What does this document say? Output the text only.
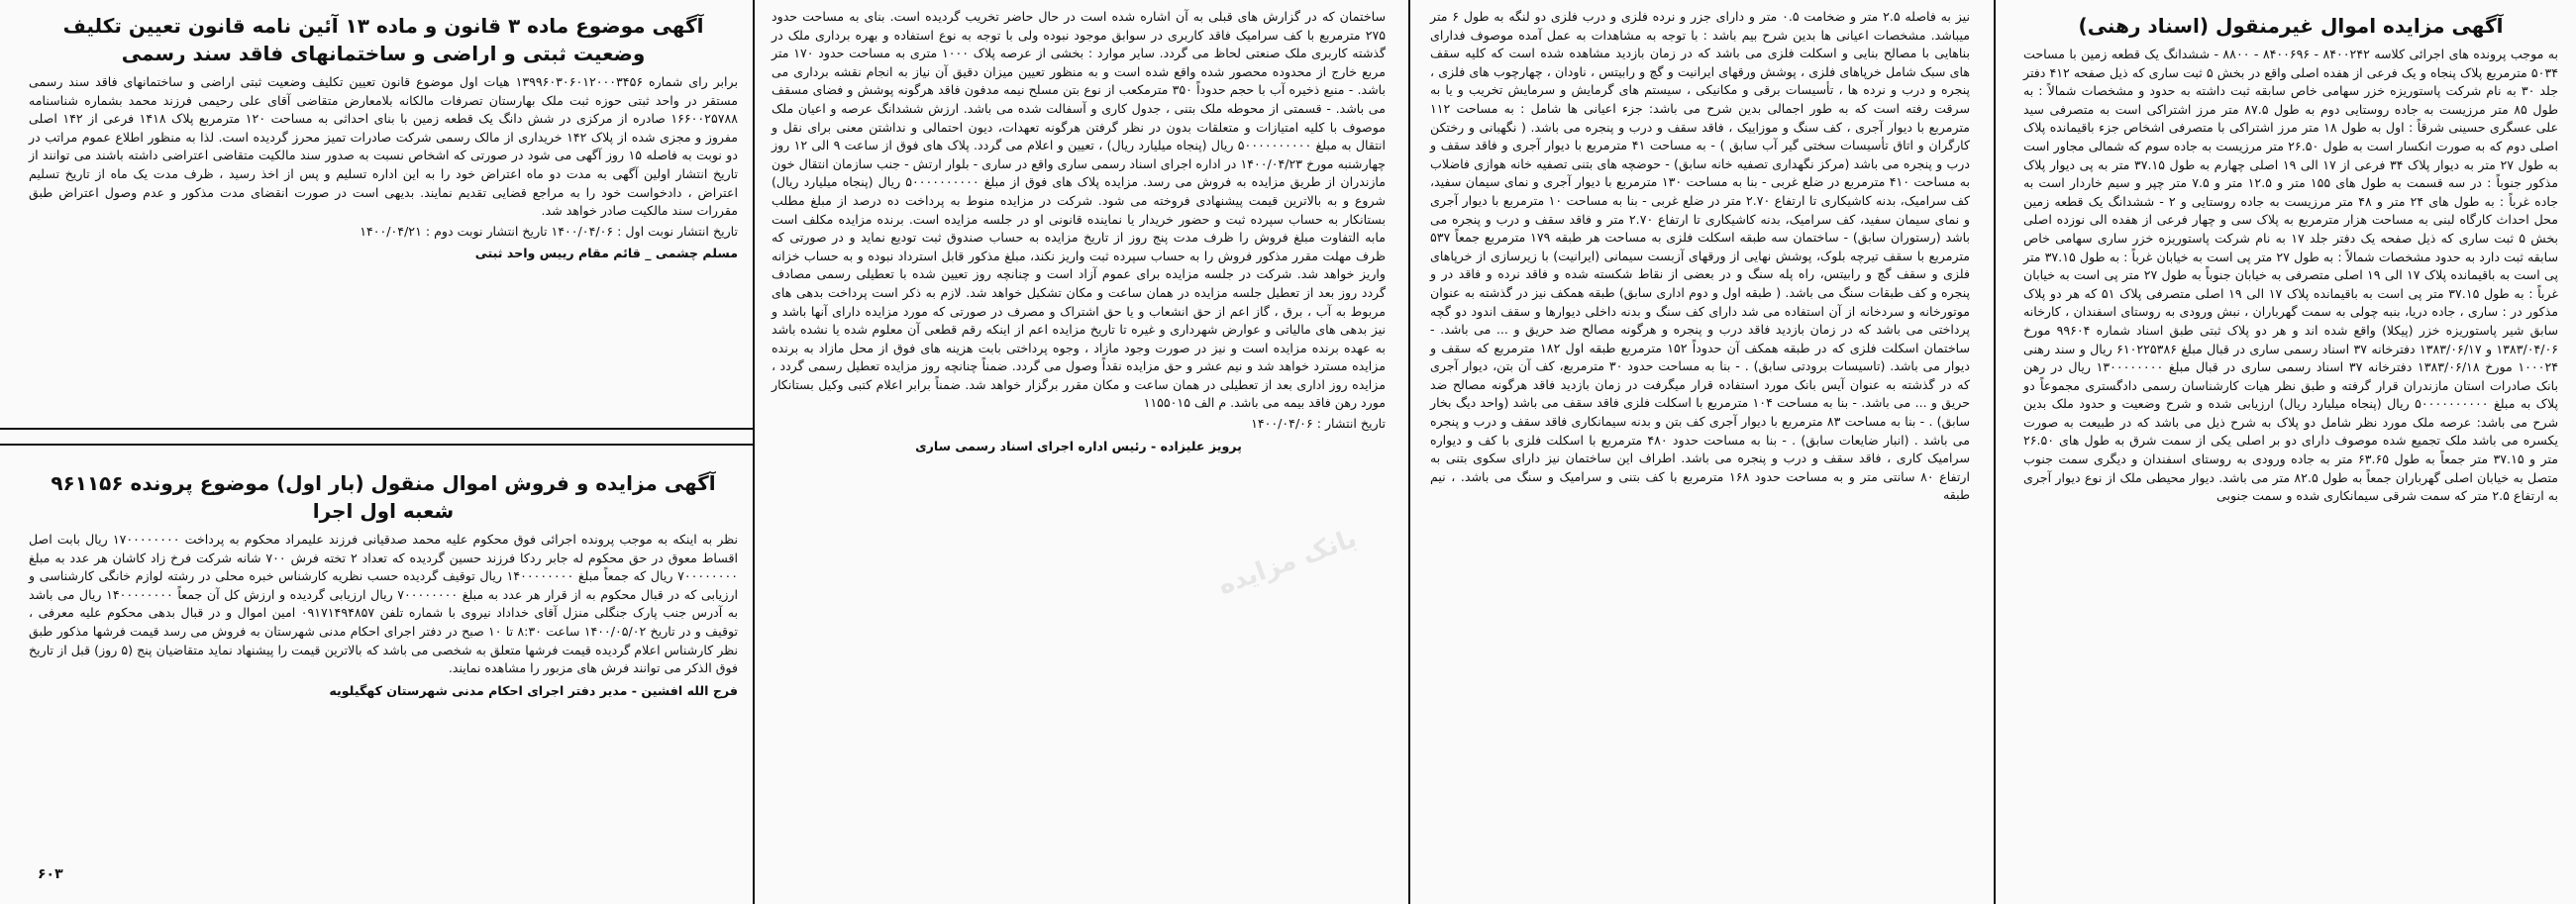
آگهی مزایده اموال غیرمنقول (اسناد رهنی)

به موجب پرونده های اجرائی کلاسه ۸۴۰۰۲۴۲ - ۸۴۰۰۶۹۶ - ۸۸۰۰ - ششدانگ یک قطعه زمین با مساحت ۵۰۳۴ مترمربع پلاک پنجاه و یک فرعی از هفده اصلی واقع در بخش ۵ ثبت ساری که ذیل صفحه ۴۱۲ دفتر جلد ۳۰ به نام شرکت پاستوریزه خزر سهامی خاص سابقه ثبت داشته به حدود و مشخصات شمالاً : به طول ۸۵ متر مرزیست به جاده روستایی دوم به طول ۸۷.۵ متر مرز اشتراکی است به متصرفی سید علی عسگری حسینی شرقاً : اول به طول ۱۸ متر مرز اشتراکی با متصرفی اشخاص جزء باقیمانده پلاک اصلی دوم که به صورت انکسار است به طول ۲۶.۵۰ متر مرزیست به جاده سوم که شمالی مجاور است به طول ۲۷ متر به دیوار پلاک ۳۴ فرعی از ۱۷ الی ۱۹ اصلی چهارم به طول ۳۷.۱۵ متر به پی دیوار پلاک مذکور جنوباً : در سه قسمت به طول های ۱۵۵ متر و ۱۲.۵ متر و ۷.۵ متر چپر و سیم خاردار است به جاده غرباً : به طول های ۲۴ متر و ۴۸ متر مرزیست به جاده روستایی و ۲ - ششدانگ یک قطعه زمین محل احداث کارگاه لبنی به مساحت هزار مترمربع به پلاک سی و چهار فرعی از هفده الی نوزده اصلی بخش ۵ ثبت ساری که ذیل صفحه یک دفتر جلد ۱۷ به نام شرکت پاستوریزه خزر ساری سهامی خاص سابقه ثبت دارد به حدود مشخصات شمالاً : به طول ۲۷ متر پی است به خیابان غرباً : به طول ۳۷.۱۵ متر پی است به باقیمانده پلاک ۱۷ الی ۱۹ اصلی متصرفی به خیابان جنوباً به طول ۲۷ متر پی است به خیابان غرباً : به طول ۳۷.۱۵ متر پی است به باقیمانده پلاک ۱۷ الی ۱۹ اصلی متصرفی پلاک ۵۱ که هر دو پلاک مذکور در : ساری ، جاده دریا، بنبه چولی به سمت گهرباران ، نبش ورودی به روستای اسفندان ، کارخانه سابق شیر پاستوریزه خزر (پیکلا) واقع شده اند و هر دو پلاک ثبتی طبق اسناد شماره ۹۹۶۰۴ مورخ ۱۳۸۳/۰۴/۰۶ و ۱۳۸۳/۰۶/۱۷ دفترخانه ۳۷ اسناد رسمی ساری در قبال مبلغ ۶۱۰۲۲۵۳۸۶ ریال و سند رهنی ۱۰۰۰۲۴ مورخ ۱۳۸۳/۰۶/۱۸ دفترخانه ۳۷ اسناد رسمی ساری در قبال مبلغ ۱۳۰۰۰۰۰۰۰۰ ریال در رهن بانک صادرات استان مازندران قرار گرفته و طبق نظر هیات کارشناسان رسمی دادگستری مجموعاً دو پلاک به مبلغ ۵۰۰۰۰۰۰۰۰۰۰ ریال (پنجاه میلیارد ریال) ارزیابی شده و شرح وضعیت و حدود ملک بدین شرح می باشد: عرصه ملک مورد نظر شامل دو پلاک به شرح ذیل می باشد که در طبیعت به صورت یکسره می باشد ملک تجمیع شده موصوف دارای دو بر اصلی یکی از سمت شرق به طول های ۲۶.۵۰ متر و ۳۷.۱۵ متر جمعاً به طول ۶۳.۶۵ متر به جاده ورودی به روستای اسفندان و دیگری سمت جنوب متصل به خیابان اصلی گهرباران جمعاً به طول ۸۲.۵ متر می باشد. دیوار محیطی ملک از نوع دیوار آجری به ارتفاع ۲.۵ متر که سمت شرقی سیمانکاری شده و سمت جنوبی

نیز به فاصله ۲.۵ متر و ضخامت ۰.۵ متر و دارای جزر و نرده فلزی و درب فلزی دو لنگه به طول ۶ متر میباشد. مشخصات اعیانی ها بدین شرح بیم باشد : با توجه به مشاهدات به عمل آمده موصوف فدارای بناهایی با مصالح بنایی و اسکلت فلزی می باشد که در زمان بازدید مشاهده شده است که کلیه سقف های سبک شامل خرپاهای فلزی ، پوشش ورقهای ایرانیت و گچ و رابیتس ، ناودان ، چهارچوب های فلزی ، پنجره و درب و نرده ها ، تأسیسات برقی و مکانیکی ، سیستم های گرمایش و سرمایش تخریب و یا به سرقت رفته است که به طور اجمالی بدین شرح می باشد: جزء اعیانی ها شامل : به مساحت ۱۱۲ مترمربع با دیوار آجری ، کف سنگ و موزاییک ، فاقد سقف و درب و پنجره می باشد. ( نگهبانی و رختکن کارگران و اتاق تأسیسات سختی گیر آب سابق ) - به مساحت ۴۱ مترمربع با دیوار آجری و فاقد سقف و درب و پنجره می باشد (مرکز نگهداری تصفیه خانه سابق) - حوضچه های بتنی تصفیه خانه هوازی فاضلاب به مساحت ۴۱۰ مترمربع در ضلع غربی - بنا به مساحت ۱۳۰ مترمربع با دیوار آجری و نمای سیمان سفید، کف سرامیک، بدنه کاشیکاری تا ارتفاع ۲.۷۰ متر در ضلع غربی - بنا به مساحت ۱۰ مترمربع با دیوار آجری و نمای سیمان سفید، کف سرامیک، بدنه کاشیکاری تا ارتفاع ۲.۷۰ متر و فاقد سقف و درب و پنجره می باشد (رستوران سابق) - ساختمان سه طبقه اسکلت فلزی به مساحت هر طبقه ۱۷۹ مترمربع جمعاً ۵۳۷ مترمربع با سقف تیرچه بلوک، پوشش نهایی از ورقهای آزبست سیمانی (ایرانیت) با زیرسازی از خرپاهای فلزی و سقف گچ و رابیتس، راه پله سنگ و در بعضی از نقاط شکسته شده و فاقد نرده و فاقد در و پنجره و کف طبقات سنگ می باشد. ( طبقه اول و دوم اداری سابق) طبقه همکف نیز در گذشته به عنوان موتورخانه و سردخانه از آن استفاده می شد دارای کف سنگ و بدنه داخلی دیوارها و سقف اندود دو گچه پرداختی می باشد که در زمان بازدید فاقد درب و پنجره و هرگونه مصالح ضد حریق و ... می باشد. - ساختمان اسکلت فلزی که در طبقه همکف آن حدوداً ۱۵۲ مترمربع طبقه اول ۱۸۲ مترمربع که سقف و دیوار می باشد. (تاسیسات برودتی سابق) . - بنا به مساحت حدود ۳۰ مترمربع، کف آن بتن، دیوار آجری که در گذشته به عنوان آیس بانک مورد استفاده قرار میگرفت در زمان بازدید فاقد هرگونه مصالح ضد حریق و ... می باشد. - بنا به مساحت ۱۰۴ مترمربع با اسکلت فلزی فاقد سقف می باشد (واحد دیگ بخار سابق) . - بنا به مساحت ۸۳ مترمربع با دیوار آجری کف بتن و بدنه سیمانکاری فاقد سقف و درب و پنجره می باشد . (انبار ضایعات سابق) . - بنا به مساحت حدود ۴۸۰ مترمربع با اسکلت فلزی با کف و دیواره سرامیک کاری ، فاقد سقف و درب و پنجره می باشد. اطراف این ساختمان نیز دارای سکوی بتنی به ارتفاع ۸۰ سانتی متر و به مساحت حدود ۱۶۸ مترمربع با کف بتنی و سرامیک و سنگ می باشد. ، نیم طبقه

ساختمان که در گزارش های قبلی به آن اشاره شده است در حال حاضر تخریب گردیده است. بنای به مساحت حدود ۲۷۵ مترمربع با کف سرامیک فاقد کاربری در سوابق موجود نبوده ولی با توجه به نوع استفاده و بهره برداری ملک در گذشته کاربری ملک صنعتی لحاظ می گردد. سایر موارد : بخشی از عرصه پلاک ۱۰۰۰ متری به مساحت حدود ۱۷۰ متر مربع خارج از محدوده محصور شده واقع شده است و به منظور تعیین میزان دقیق آن نیاز به انجام نقشه برداری می باشد. - منبع ذخیره آب با حجم حدوداً ۳۵۰ مترمکعب از نوع بتن مسلح نیمه مدفون فاقد هرگونه پوشش و فضای مسقف می باشد. - قسمتی از محوطه ملک بتنی ، جدول کاری و آسفالت شده می باشد. ارزش ششدانگ عرصه و اعیان ملک موصوف با کلیه امتیازات و متعلقات بدون در نظر گرفتن هرگونه تعهدات، دیون احتمالی و نداشتن معنی برای نقل و انتقال به مبلغ ۵۰۰۰۰۰۰۰۰۰۰ ریال (پنجاه میلیارد ریال) ، تعیین و اعلام می گردد. پلاک های فوق از ساعت ۹ الی ۱۲ روز چهارشنبه مورخ ۱۴۰۰/۰۴/۲۳ در اداره اجرای اسناد رسمی ساری واقع در ساری - بلوار ارتش - جنب سازمان انتقال خون مازندران از طریق مزایده به فروش می رسد. مزایده پلاک های فوق از مبلغ ۵۰۰۰۰۰۰۰۰۰۰ ریال (پنجاه میلیارد ریال) شروع و به بالاترین قیمت پیشنهادی فروخته می شود. شرکت در مزایده منوط به پرداخت ده درصد از مبلغ مطلب بستانکار به حساب سپرده ثبت و حضور خریدار یا نماینده قانونی او در جلسه مزایده است. برنده مزایده مکلف است مابه التفاوت مبلغ فروش را ظرف مدت پنج روز از تاریخ مزایده به حساب صندوق ثبت تودیع نماید و در صورتی که ظرف مهلت مقرر مذکور فروش را به حساب سپرده ثبت واریز نکند، مبلغ مذکور قابل استرداد نبوده و به حساب خزانه واریز خواهد شد. شرکت در جلسه مزایده برای عموم آزاد است و چنانچه روز تعیین شده با تعطیلی رسمی مصادف گردد روز بعد از تعطیل جلسه مزایده در همان ساعت و مکان تشکیل خواهد شد. لازم به ذکر است پرداخت بدهی های مربوط به آب ، برق ، گاز اعم از حق انشعاب و یا حق اشتراک و مصرف در صورتی که مورد مزایده دارای آنها باشد و نیز بدهی های مالیاتی و عوارض شهرداری و غیره تا تاریخ مزایده اعم از اینکه رقم قطعی آن معلوم شده یا نشده باشد به عهده برنده مزایده است و نیز در صورت وجود مازاد ، وجوه پرداختی بابت هزینه های فوق از محل مازاد به برنده مزایده مسترد خواهد شد و نیم عشر و حق مزایده نقداً وصول می گردد. ضمناً چنانچه روز مزایده تعطیل رسمی گردد ، مزایده روز اداری بعد از تعطیلی در همان ساعت و مکان مقرر برگزار خواهد شد. ضمناً برابر اعلام کتبی وکیل بستانکار مورد رهن فاقد بیمه می باشد. م الف ۱۱۵۵۰۱۵

تاریخ انتشار : ۱۴۰۰/۰۴/۰۶

پرویز علیزاده - رئیس اداره اجرای اسناد رسمی ساری

بانک مزایده
آگهی موضوع ماده ۳ قانون و ماده ۱۳ آئین نامه قانون تعیین تکلیف وضعیت ثبتی و اراضی و ساختمانهای فاقد سند رسمی

برابر رای شماره ۱۳۹۹۶۰۳۰۶۰۱۲۰۰۰۳۴۵۶ هیات اول موضوع قانون تعیین تکلیف وضعیت ثبتی اراضی و ساختمانهای فاقد سند رسمی مستقر در واحد ثبتی حوزه ثبت ملک بهارستان تصرفات مالکانه بلامعارض متقاضی آقای علی رحیمی فرزند محمد بشماره شناسنامه ۱۶۶۰۰۲۵۷۸۸ صادره از مرکزی در شش دانگ یک قطعه زمین با بنای احداثی به مساحت ۱۲۰ مترمربع پلاک ۱۴۱۸ فرعی از ۱۴۲ اصلی مفروز و مجزی شده از پلاک ۱۴۲ خریداری از مالک رسمی شرکت صادرات تمیز محرز گردیده است. لذا به منظور اطلاع عموم مراتب در دو نوبت به فاصله ۱۵ روز آگهی می شود در صورتی که اشخاص نسبت به صدور سند مالکیت متقاضی اعتراضی داشته باشند می توانند از تاریخ انتشار اولین آگهی به مدت دو ماه اعتراض خود را به این اداره تسلیم و پس از اخذ رسید ، ظرف مدت یک ماه از تاریخ تسلیم اعتراض ، دادخواست خود را به مراجع قضایی تقدیم نمایند. بدیهی است در صورت انقضای مدت مذکور و عدم وصول اعتراض طبق مقررات سند مالکیت صادر خواهد شد.

تاریخ انتشار نوبت اول : ۱۴۰۰/۰۴/۰۶ تاریخ انتشار نوبت دوم : ۱۴۰۰/۰۴/۲۱

مسلم چشمی _ قائم مقام رییس واحد ثبتی

آگهی مزایده و فروش اموال منقول (بار اول) موضوع پرونده ۹۶۱۱۵۶ شعبه اول اجرا

نظر به اینکه به موجب پرونده اجرائی فوق محکوم علیه محمد صدقیانی فرزند علیمراد محکوم به پرداخت ۱۷۰۰۰۰۰۰۰۰ ریال بابت اصل اقساط معوق در حق محکوم له جابر ردکا فرزند حسین گردیده که تعداد ۲ تخته فرش ۷۰۰ شانه شرکت فرخ زاد کاشان هر عدد به مبلغ ۷۰۰۰۰۰۰۰۰ ریال که جمعاً مبلغ ۱۴۰۰۰۰۰۰۰۰ ریال توقیف گردیده حسب نظریه کارشناس خبره محلی در رشته لوازم خانگی کارشناسی و ارزیابی که در قبال محکوم به از قرار هر عدد به مبلغ ۷۰۰۰۰۰۰۰۰ ریال ارزیابی گردیده و ارزش کل آن جمعاً ۱۴۰۰۰۰۰۰۰۰ ریال می باشد به آدرس جنب پارک جنگلی منزل آقای خداداد نیروی با شماره تلفن ۰۹۱۷۱۴۹۴۸۵۷ امین اموال و در قبال بدهی محکوم علیه معرفی ، توقیف و در تاریخ ۱۴۰۰/۰۵/۰۲ ساعت ۸:۳۰ تا ۱۰ صبح در دفتر اجرای احکام مدنی شهرستان به فروش می رسد قیمت فرشها مذکور طبق نظر کارشناس اعلام گردیده قیمت فرشها متعلق به شخصی می باشد که بالاترین قیمت را پیشنهاد نماید متقاضیان پنج (۵ روز) قبل از تاریخ فوق الذکر می توانند فرش های مزبور را مشاهده نمایند.

فرج الله افشین - مدیر دفتر اجرای احکام مدنی شهرستان کهگیلویه

۶۰۳
